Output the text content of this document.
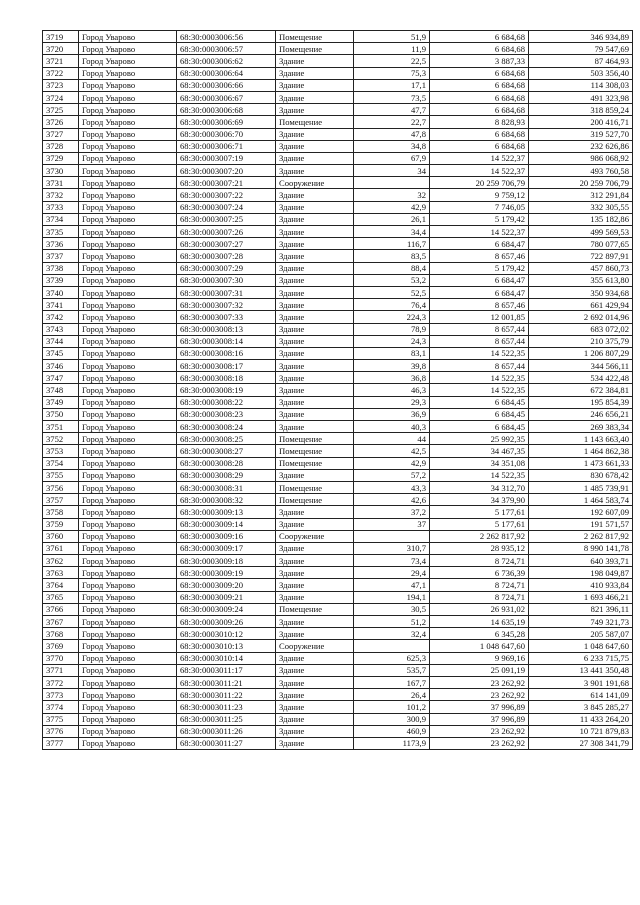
3719	Город Уварово	68:30:0003006:56	Помещение	51,9	6 684,68	346 934,89
3720	Город Уварово	68:30:0003006:57	Помещение	11,9	6 684,68	79 547,69
3721	Город Уварово	68:30:0003006:62	Здание	22,5	3 887,33	87 464,93
3722	Город Уварово	68:30:0003006:64	Здание	75,3	6 684,68	503 356,40
3723	Город Уварово	68:30:0003006:66	Здание	17,1	6 684,68	114 308,03
3724	Город Уварово	68:30:0003006:67	Здание	73,5	6 684,68	491 323,98
3725	Город Уварово	68:30:0003006:68	Здание	47,7	6 684,68	318 859,24
3726	Город Уварово	68:30:0003006:69	Помещение	22,7	8 828,93	200 416,71
3727	Город Уварово	68:30:0003006:70	Здание	47,8	6 684,68	319 527,70
3728	Город Уварово	68:30:0003006:71	Здание	34,8	6 684,68	232 626,86
3729	Город Уварово	68:30:0003007:19	Здание	67,9	14 522,37	986 068,92
3730	Город Уварово	68:30:0003007:20	Здание	34	14 522,37	493 760,58
3731	Город Уварово	68:30:0003007:21	Сооружение		20 259 706,79	20 259 706,79
3732	Город Уварово	68:30:0003007:22	Здание	32	9 759,12	312 291,84
3733	Город Уварово	68:30:0003007:24	Здание	42,9	7 746,05	332 305,55
3734	Город Уварово	68:30:0003007:25	Здание	26,1	5 179,42	135 182,86
3735	Город Уварово	68:30:0003007:26	Здание	34,4	14 522,37	499 569,53
3736	Город Уварово	68:30:0003007:27	Здание	116,7	6 684,47	780 077,65
3737	Город Уварово	68:30:0003007:28	Здание	83,5	8 657,46	722 897,91
3738	Город Уварово	68:30:0003007:29	Здание	88,4	5 179,42	457 860,73
3739	Город Уварово	68:30:0003007:30	Здание	53,2	6 684,47	355 613,80
3740	Город Уварово	68:30:0003007:31	Здание	52,5	6 684,47	350 934,68
3741	Город Уварово	68:30:0003007:32	Здание	76,4	8 657,46	661 429,94
3742	Город Уварово	68:30:0003007:33	Здание	224,3	12 001,85	2 692 014,96
3743	Город Уварово	68:30:0003008:13	Здание	78,9	8 657,44	683 072,02
3744	Город Уварово	68:30:0003008:14	Здание	24,3	8 657,44	210 375,79
3745	Город Уварово	68:30:0003008:16	Здание	83,1	14 522,35	1 206 807,29
3746	Город Уварово	68:30:0003008:17	Здание	39,8	8 657,44	344 566,11
3747	Город Уварово	68:30:0003008:18	Здание	36,8	14 522,35	534 422,48
3748	Город Уварово	68:30:0003008:19	Здание	46,3	14 522,35	672 384,81
3749	Город Уварово	68:30:0003008:22	Здание	29,3	6 684,45	195 854,39
3750	Город Уварово	68:30:0003008:23	Здание	36,9	6 684,45	246 656,21
3751	Город Уварово	68:30:0003008:24	Здание	40,3	6 684,45	269 383,34
3752	Город Уварово	68:30:0003008:25	Помещение	44	25 992,35	1 143 663,40
3753	Город Уварово	68:30:0003008:27	Помещение	42,5	34 467,35	1 464 862,38
3754	Город Уварово	68:30:0003008:28	Помещение	42,9	34 351,08	1 473 661,33
3755	Город Уварово	68:30:0003008:29	Здание	57,2	14 522,35	830 678,42
3756	Город Уварово	68:30:0003008:31	Помещение	43,3	34 312,70	1 485 739,91
3757	Город Уварово	68:30:0003008:32	Помещение	42,6	34 379,90	1 464 583,74
3758	Город Уварово	68:30:0003009:13	Здание	37,2	5 177,61	192 607,09
3759	Город Уварово	68:30:0003009:14	Здание	37	5 177,61	191 571,57
3760	Город Уварово	68:30:0003009:16	Сооружение		2 262 817,92	2 262 817,92
3761	Город Уварово	68:30:0003009:17	Здание	310,7	28 935,12	8 990 141,78
3762	Город Уварово	68:30:0003009:18	Здание	73,4	8 724,71	640 393,71
3763	Город Уварово	68:30:0003009:19	Здание	29,4	6 736,39	198 049,87
3764	Город Уварово	68:30:0003009:20	Здание	47,1	8 724,71	410 933,84
3765	Город Уварово	68:30:0003009:21	Здание	194,1	8 724,71	1 693 466,21
3766	Город Уварово	68:30:0003009:24	Помещение	30,5	26 931,02	821 396,11
3767	Город Уварово	68:30:0003009:26	Здание	51,2	14 635,19	749 321,73
3768	Город Уварово	68:30:0003010:12	Здание	32,4	6 345,28	205 587,07
3769	Город Уварово	68:30:0003010:13	Сооружение		1 048 647,60	1 048 647,60
3770	Город Уварово	68:30:0003010:14	Здание	625,3	9 969,16	6 233 715,75
3771	Город Уварово	68:30:0003011:17	Здание	535,7	25 091,19	13 441 350,48
3772	Город Уварово	68:30:0003011:21	Здание	167,7	23 262,92	3 901 191,68
3773	Город Уварово	68:30:0003011:22	Здание	26,4	23 262,92	614 141,09
3774	Город Уварово	68:30:0003011:23	Здание	101,2	37 996,89	3 845 285,27
3775	Город Уварово	68:30:0003011:25	Здание	300,9	37 996,89	11 433 264,20
3776	Город Уварово	68:30:0003011:26	Здание	460,9	23 262,92	10 721 879,83
3777	Город Уварово	68:30:0003011:27	Здание	1173,9	23 262,92	27 308 341,79
